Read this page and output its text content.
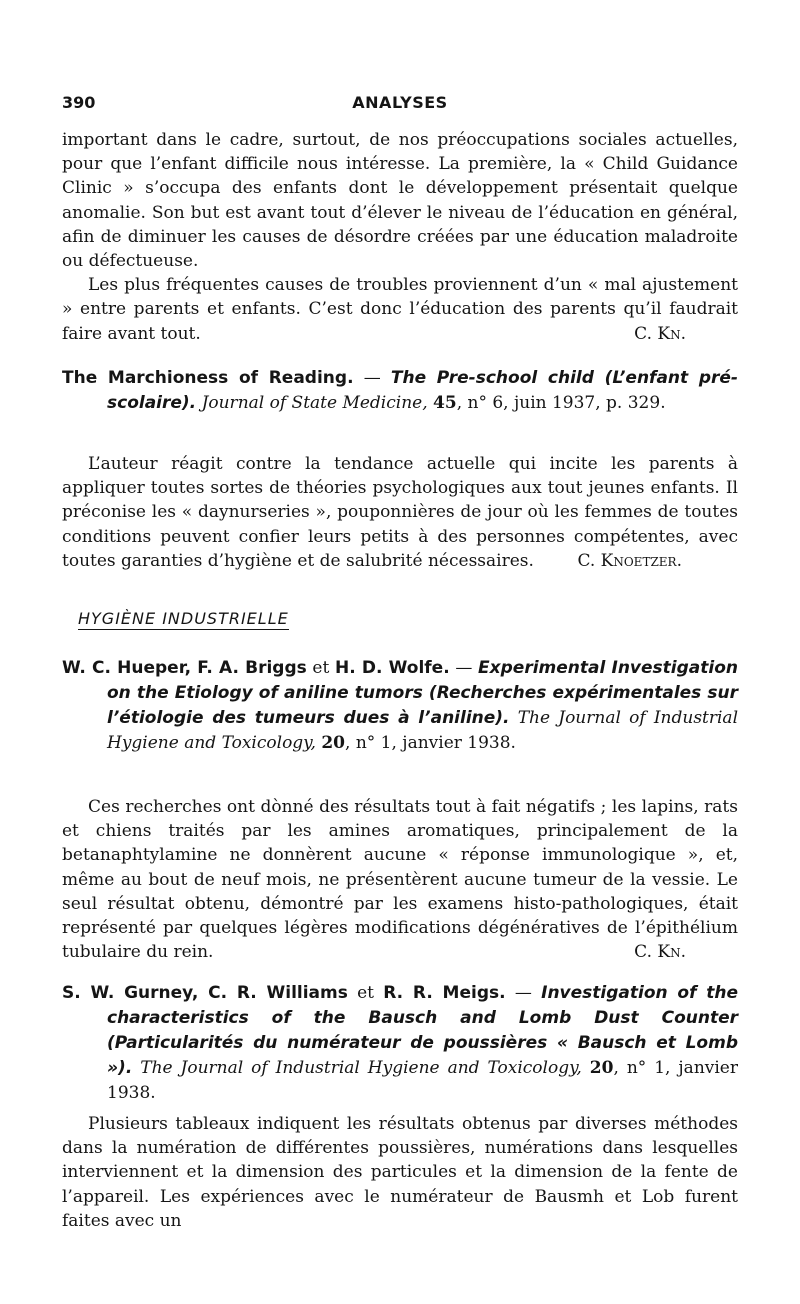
390	ANALYSES

important dans le cadre, surtout, de nos préoccupations sociales actuelles, pour que l’enfant difficile nous intéresse. La première, la « Child Guidance Clinic » s’occupa des enfants dont le développement présentait quelque anomalie. Son but est avant tout d’élever le niveau de l’éducation en général, afin de diminuer les causes de désordre créées par une éducation maladroite ou défectueuse.

Les plus fréquentes causes de troubles proviennent d’un « mal ajustement » entre parents et enfants. C’est donc l’éducation des parents qu’il faudrait faire avant tout.	C. Kn.

The Marchioness of Reading. — The Pre-school child (L’enfant pré-scolaire). Journal of State Medicine, 45, n° 6, juin 1937, p. 329.

L’auteur réagit contre la tendance actuelle qui incite les parents à appliquer toutes sortes de théories psychologiques aux tout jeunes enfants. Il préconise les « daynurseries », pouponnières de jour où les femmes de toutes conditions peuvent confier leurs petits à des personnes compétentes, avec toutes garanties d’hygiène et de salubrité nécessaires.	C. Knoetzer.

HYGIÈNE INDUSTRIELLE
W. C. Hueper, F. A. Briggs et H. D. Wolfe. — Experimental Investigation on the Etiology of aniline tumors (Recherches expérimentales sur l’étiologie des tumeurs dues à l’aniline). The Journal of Industrial Hygiene and Toxicology, 20, n° 1, janvier 1938.

Ces recherches ont dònné des résultats tout à fait négatifs ; les lapins, rats et chiens traités par les amines aromatiques, principalement de la betanaphtylamine ne donnèrent aucune « réponse immunologique », et, même au bout de neuf mois, ne présentèrent aucune tumeur de la vessie. Le seul résultat obtenu, démontré par les examens histo-pathologiques, était représenté par quelques légères modifications dégénératives de l’épithélium tubulaire du rein.	C. Kn.

S. W. Gurney, C. R. Williams et R. R. Meigs. — Investigation of the characteristics of the Bausch and Lomb Dust Counter (Particularités du numérateur de poussières « Bausch et Lomb »). The Journal of Industrial Hygiene and Toxicology, 20, n° 1, janvier 1938.

Plusieurs tableaux indiquent les résultats obtenus par diverses méthodes dans la numération de différentes poussières, numérations dans lesquelles interviennent et la dimension des particules et la dimension de la fente de l’appareil. Les expériences avec le numérateur de Bausmh et Lob furent faites avec un
